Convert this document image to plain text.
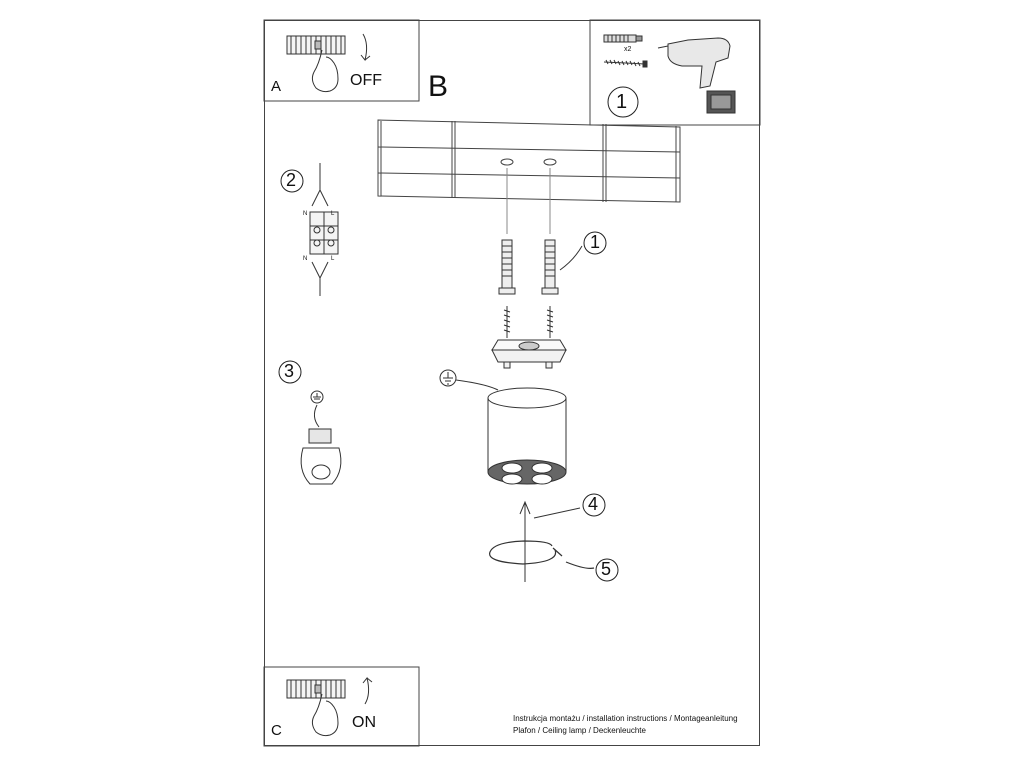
A	OFF B
x2
1
2
N	L
N	L
3
1
4
5
C	ON	Instrukcja montażu / installation instructions / Montageanleitung
Plafon / Ceiling lamp / Deckenleuchte
